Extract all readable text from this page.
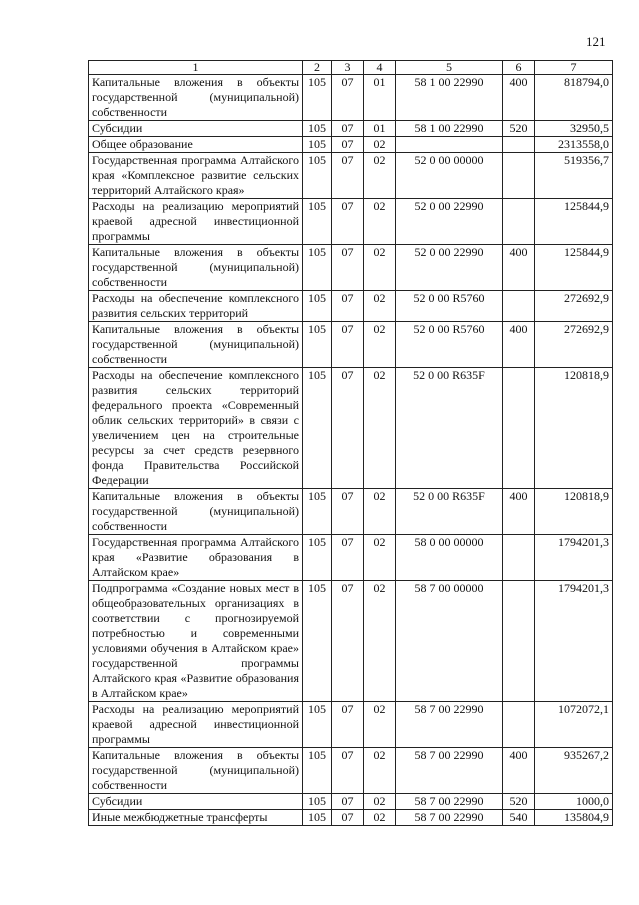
121
1	2	3	4	5	6	7
Капитальные вложения в объекты государственной (муниципальной) собственности	105	07	01	58 1 00 22990	400	818794,0
Субсидии	105	07	01	58 1 00 22990	520	32950,5
Общее образование	105	07	02			2313558,0
Государственная программа Алтайского края «Комплексное развитие сельских территорий Алтайского края»	105	07	02	52 0 00 00000		519356,7
Расходы на реализацию мероприятий краевой адресной инвестиционной программы	105	07	02	52 0 00 22990		125844,9
Капитальные вложения в объекты государственной (муниципальной) собственности	105	07	02	52 0 00 22990	400	125844,9
Расходы на обеспечение комплексного развития сельских территорий	105	07	02	52 0 00 R5760		272692,9
Капитальные вложения в объекты государственной (муниципальной) собственности	105	07	02	52 0 00 R5760	400	272692,9
Расходы на обеспечение комплексного развития сельских территорий федерального проекта «Современный облик сельских территорий» в связи с увеличением цен на строительные ресурсы за счет средств резервного фонда Правительства Российской Федерации	105	07	02	52 0 00 R635F		120818,9
Капитальные вложения в объекты государственной (муниципальной) собственности	105	07	02	52 0 00 R635F	400	120818,9
Государственная программа Алтайского края «Развитие образования в Алтайском крае»	105	07	02	58 0 00 00000		1794201,3
Подпрограмма «Создание новых мест в общеобразовательных организациях в соответствии с прогнозируемой потребностью и современными условиями обучения в Алтайском крае» государственной программы Алтайского края «Развитие образования в Алтайском крае»	105	07	02	58 7 00 00000		1794201,3
Расходы на реализацию мероприятий краевой адресной инвестиционной программы	105	07	02	58 7 00 22990		1072072,1
Капитальные вложения в объекты государственной (муниципальной) собственности	105	07	02	58 7 00 22990	400	935267,2
Субсидии	105	07	02	58 7 00 22990	520	1000,0
Иные межбюджетные трансферты	105	07	02	58 7 00 22990	540	135804,9
